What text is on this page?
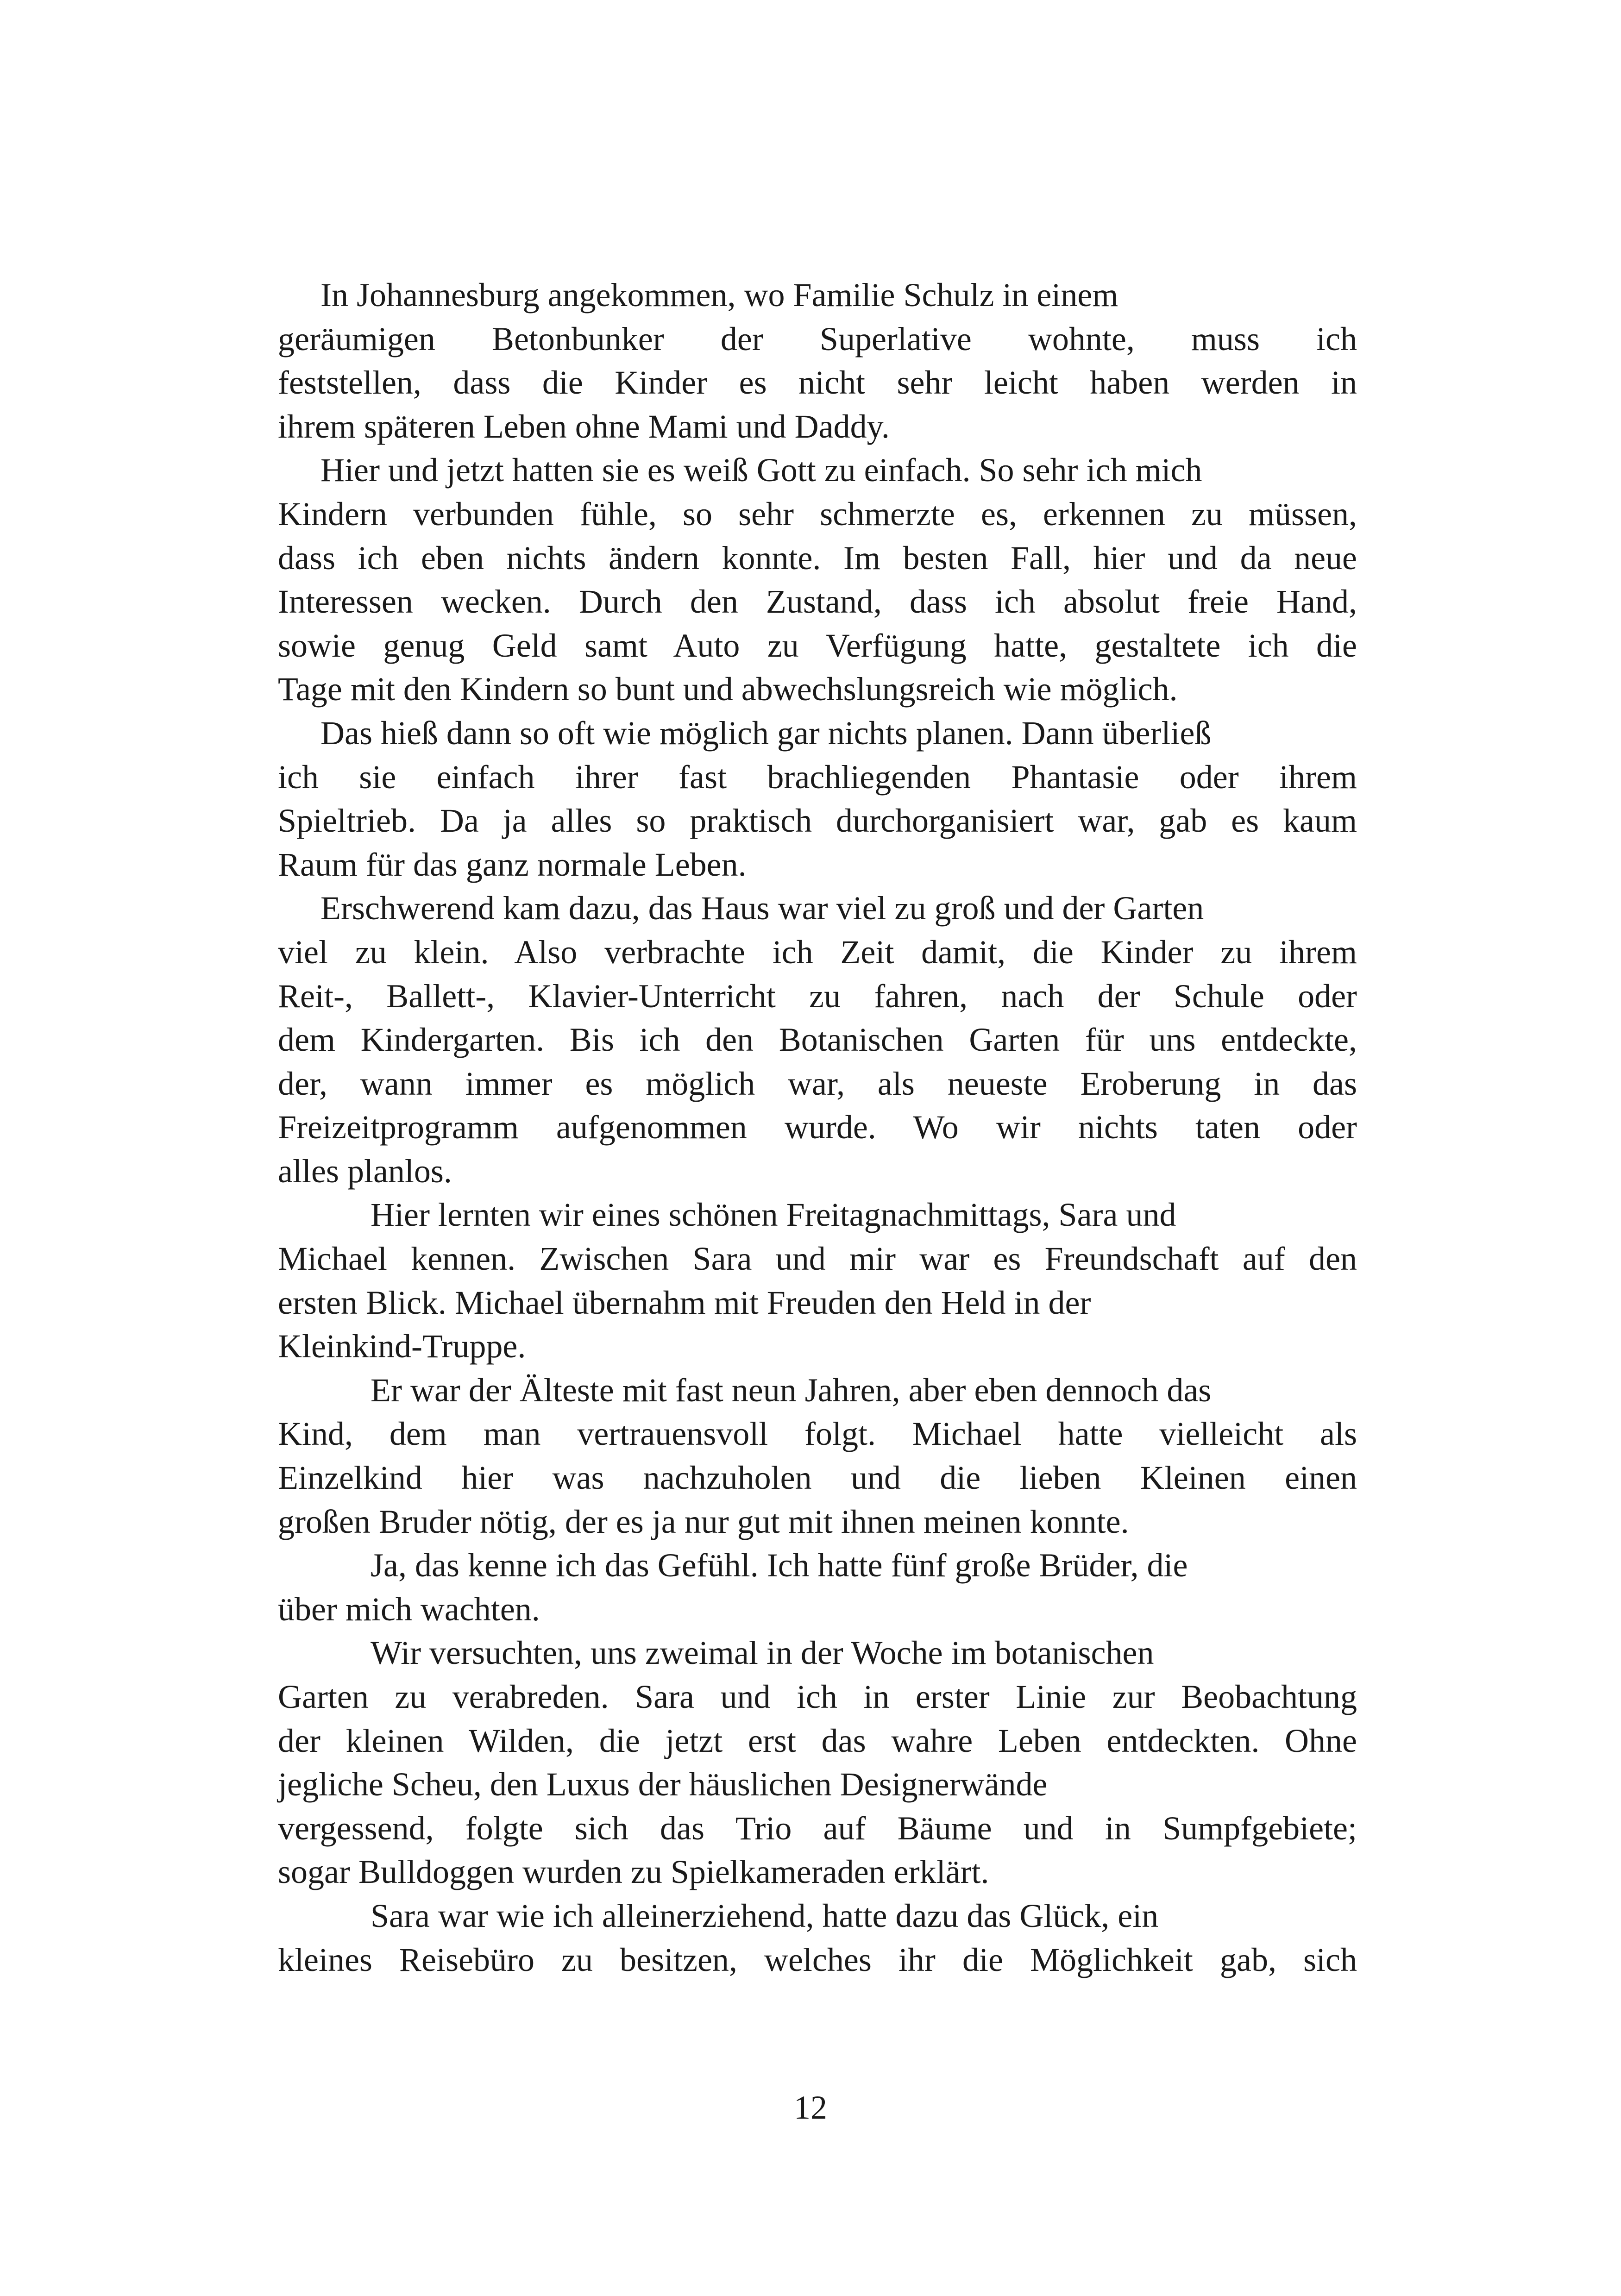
In Johannesburg angekommen, wo Familie Schulz in einem
geräumigen Betonbunker der Superlative wohnte, muss ich
feststellen, dass die Kinder es nicht sehr leicht haben werden in
ihrem späteren Leben ohne Mami und Daddy.
Hier und jetzt hatten sie es weiß Gott zu einfach. So sehr ich mich
Kindern verbunden fühle, so sehr schmerzte es, erkennen zu müssen,
dass ich eben nichts ändern konnte. Im besten Fall, hier und da neue
Interessen wecken. Durch den Zustand, dass ich absolut freie Hand,
sowie genug Geld samt Auto zu Verfügung hatte, gestaltete ich die
Tage mit den Kindern so bunt und abwechslungsreich wie möglich.
Das hieß dann so oft wie möglich gar nichts planen. Dann überließ
ich sie einfach ihrer fast brachliegenden Phantasie oder ihrem
Spieltrieb. Da ja alles so praktisch durchorganisiert war, gab es kaum
Raum für das ganz normale Leben.
Erschwerend kam dazu, das Haus war viel zu groß und der Garten
viel zu klein. Also verbrachte ich Zeit damit, die Kinder zu ihrem
Reit-, Ballett-, Klavier-Unterricht zu fahren, nach der Schule oder
dem Kindergarten. Bis ich den Botanischen Garten für uns entdeckte,
der, wann immer es möglich war, als neueste Eroberung in das
Freizeitprogramm aufgenommen wurde. Wo wir nichts taten oder
alles planlos.
Hier lernten wir eines schönen Freitagnachmittags, Sara und
Michael kennen. Zwischen Sara und mir war es Freundschaft auf den
ersten Blick. Michael übernahm mit Freuden den Held in der
Kleinkind-Truppe.
Er war der Älteste mit fast neun Jahren, aber eben dennoch das
Kind, dem man vertrauensvoll folgt. Michael hatte vielleicht als
Einzelkind hier was nachzuholen und die lieben Kleinen einen
großen Bruder nötig, der es ja nur gut mit ihnen meinen konnte.
Ja, das kenne ich das Gefühl. Ich hatte fünf große Brüder, die
über mich wachten.
Wir versuchten, uns zweimal in der Woche im botanischen
Garten zu verabreden. Sara und ich in erster Linie zur Beobachtung
der kleinen Wilden, die jetzt erst das wahre Leben entdeckten. Ohne
jegliche Scheu, den Luxus der häuslichen Designerwände
vergessend, folgte sich das Trio auf Bäume und in Sumpfgebiete;
sogar Bulldoggen wurden zu Spielkameraden erklärt.
Sara war wie ich alleinerziehend, hatte dazu das Glück, ein
kleines Reisebüro zu besitzen, welches ihr die Möglichkeit gab, sich
12
